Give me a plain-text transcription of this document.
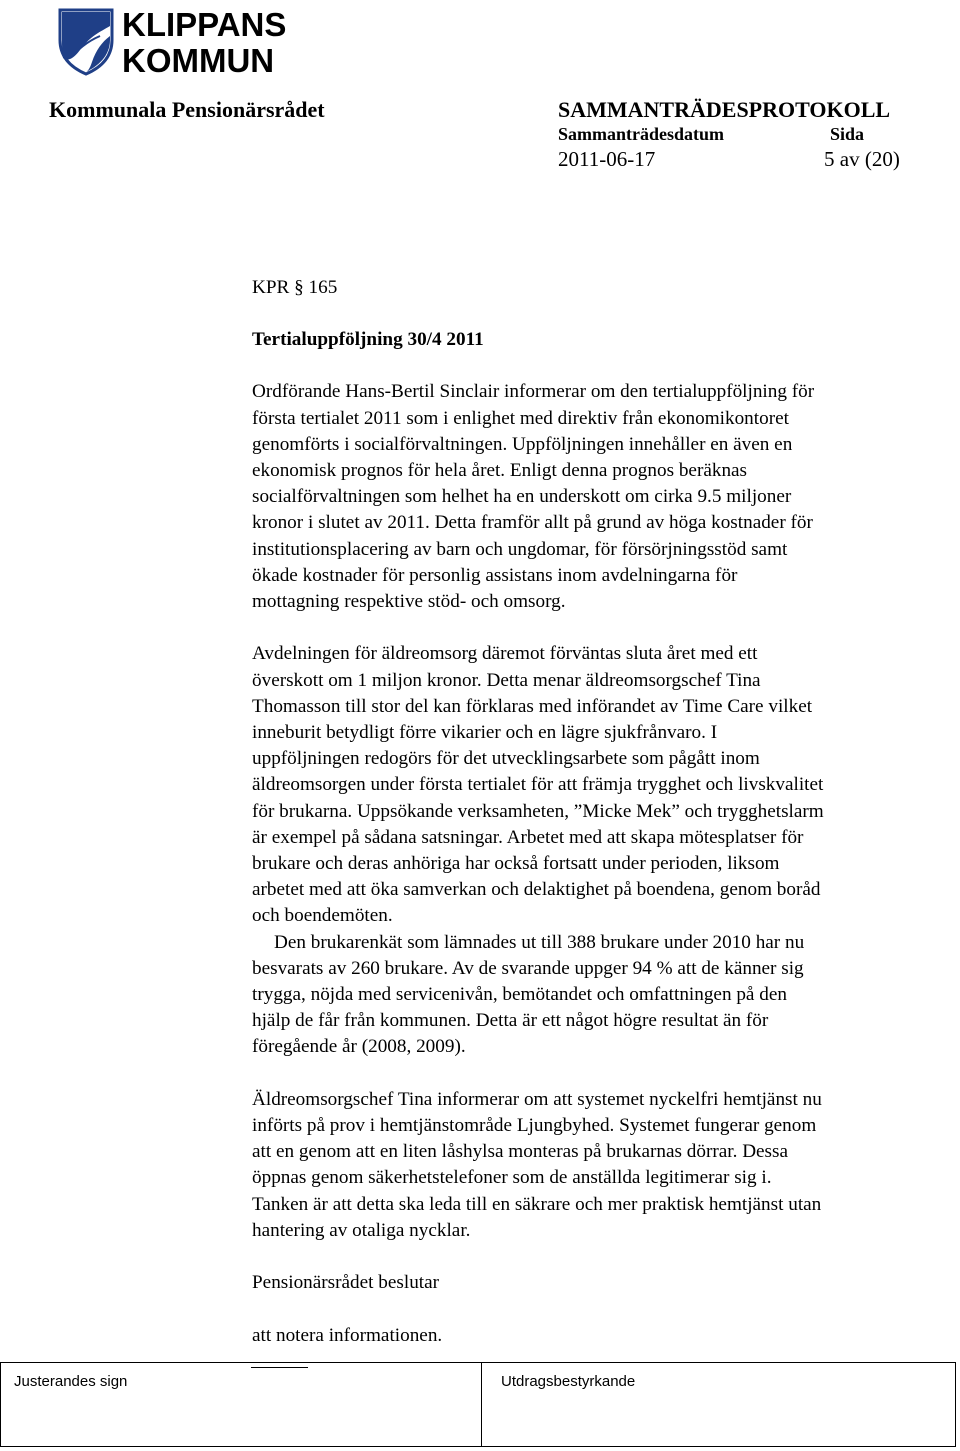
KLIPPANS
KOMMUN
Kommunala Pensionärsrådet	SAMMANTRÄDESPROTOKOLL
Sammanträdesdatum	Sida
2011-06-17	5 av (20)

KPR § 165

Tertialuppföljning 30/4 2011

Ordförande Hans-Bertil Sinclair informerar om den tertialuppföljning för

första tertialet 2011 som i enlighet med direktiv från ekonomikontoret

genomförts i socialförvaltningen. Uppföljningen innehåller en även en

ekonomisk prognos för hela året. Enligt denna prognos beräknas

socialförvaltningen som helhet ha en underskott om cirka 9.5 miljoner

kronor i slutet av 2011. Detta framför allt på grund av höga kostnader för

institutionsplacering av barn och ungdomar, för försörjningsstöd samt

ökade kostnader för personlig assistans inom avdelningarna för

mottagning respektive stöd- och omsorg.

Avdelningen för äldreomsorg däremot förväntas sluta året med ett

överskott om 1 miljon kronor. Detta menar äldreomsorgschef Tina

Thomasson till stor del kan förklaras med införandet av Time Care vilket

inneburit betydligt förre vikarier och en lägre sjukfrånvaro. I

uppföljningen redogörs för det utvecklingsarbete som pågått inom

äldreomsorgen under första tertialet för att främja trygghet och livskvalitet

för brukarna. Uppsökande verksamheten, ”Micke Mek” och trygghetslarm

är exempel på sådana satsningar. Arbetet med att skapa mötesplatser för

brukare och deras anhöriga har också fortsatt under perioden, liksom

arbetet med att öka samverkan och delaktighet på boendena, genom boråd

och boendemöten.

Den brukarenkät som lämnades ut till 388 brukare under 2010 har nu

besvarats av 260 brukare. Av de svarande uppger 94 % att de känner sig

trygga, nöjda med servicenivån, bemötandet och omfattningen på den

hjälp de får från kommunen. Detta är ett något högre resultat än för

föregående år (2008, 2009).

Äldreomsorgschef Tina informerar om att systemet nyckelfri hemtjänst nu

införts på prov i hemtjänstområde Ljungbyhed. Systemet fungerar genom

att en genom att en liten låshylsa monteras på brukarnas dörrar. Dessa

öppnas genom säkerhetstelefoner som de anställda legitimerar sig i.

Tanken är att detta ska leda till en säkrare och mer praktisk hemtjänst utan

hantering av otaliga nycklar.

Pensionärsrådet beslutar

att notera informationen.

Justerandes sign	Utdragsbestyrkande
